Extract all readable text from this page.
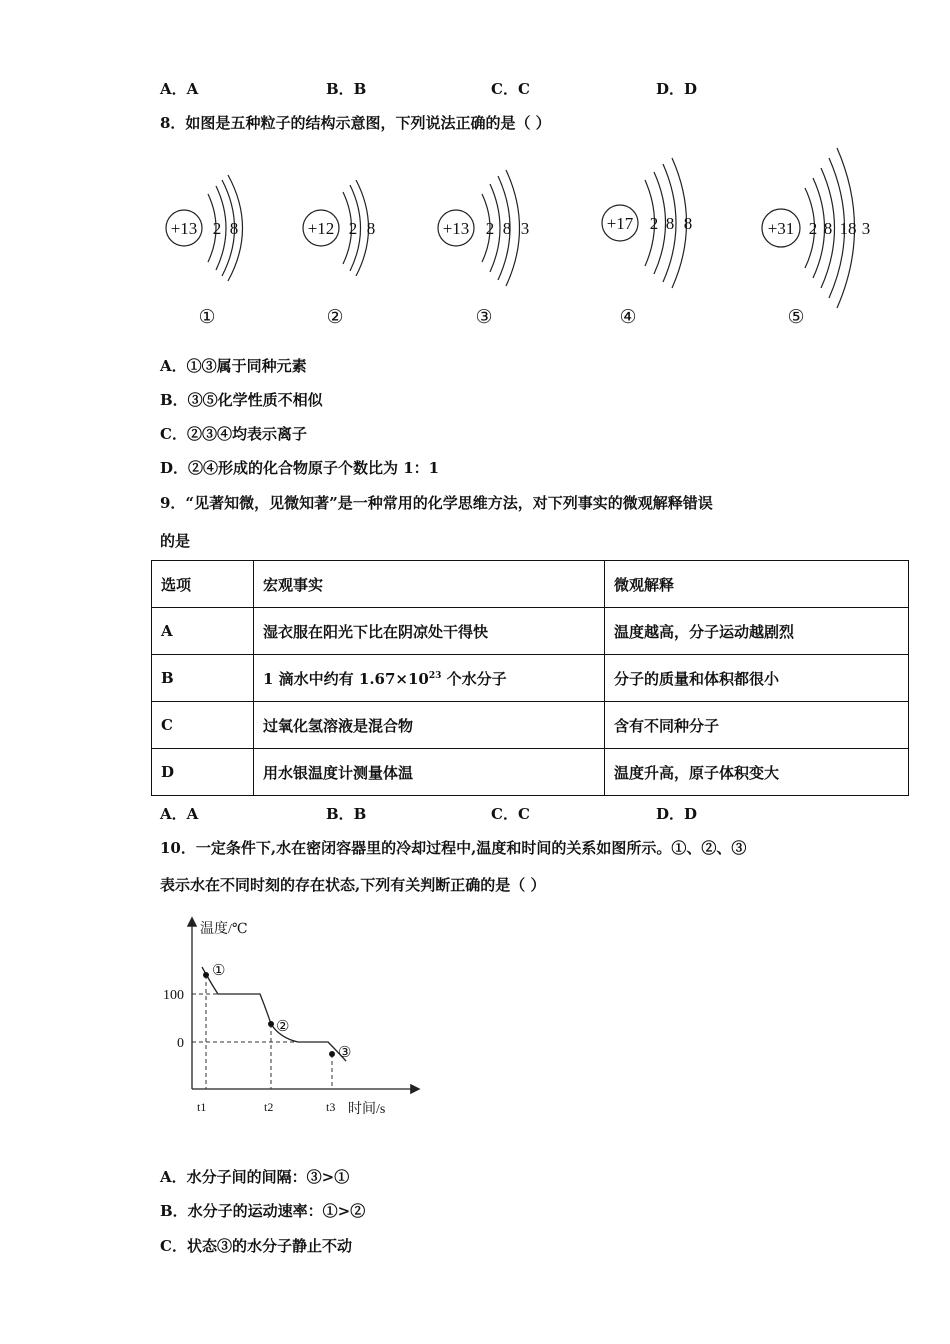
A．A	B．B	C．C	D．D
8．如图是五种粒子的结构示意图，下列说法正确的是（ ）
+13 2 8	+12 2 8	+13 2 8 3	+17 2 8 8	+31 2 8 18 3
①	②	③	④	⑤
A．①③属于同种元素
B．③⑤化学性质不相似
C．②③④均表示离子
D．②④形成的化合物原子个数比为 1：1
9．“见著知微，见微知著”是一种常用的化学思维方法，对下列事实的微观解释错误
的是
选项	宏观事实	微观解释
A	湿衣服在阳光下比在阴凉处干得快	温度越高，分子运动越剧烈
B	1 滴水中约有 $1.67\times 10^{23}$ 个水分子	分子的质量和体积都很小
C	过氧化氢溶液是混合物	含有不同种分子
D	用水银温度计测量体温	温度升高，原子体积变大
A．A	B．B	C．C	D．D
10．一定条件下,水在密闭容器里的冷却过程中,温度和时间的关系如图所示。①、②、③
表示水在不同时刻的存在状态,下列有关判断正确的是（ ）
①
②
③
温度/℃
100
0
t1	t2	t3 时间/s
A．水分子间的间隔：③>①
B．水分子的运动速率：①>②
C．状态③的水分子静止不动
